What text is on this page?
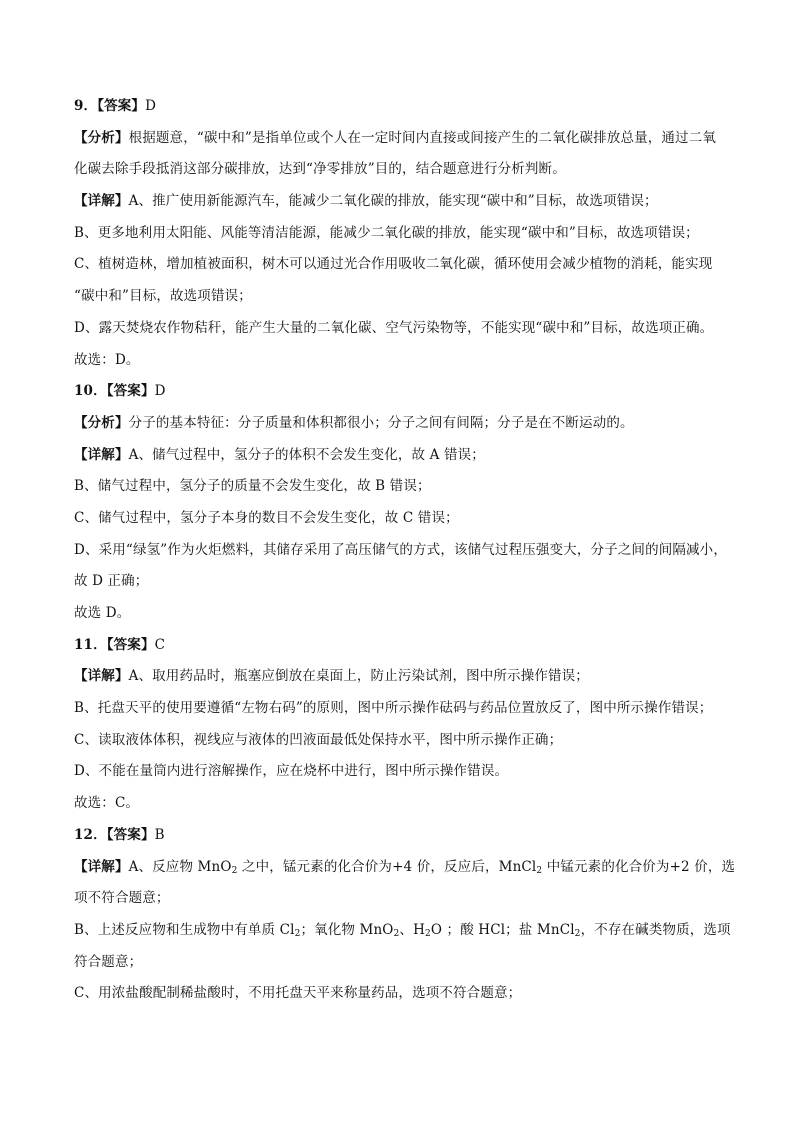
9．【答案】D
【分析】根据题意，“碳中和”是指单位或个人在一定时间内直接或间接产生的二氧化碳排放总量，通过二氧
化碳去除手段抵消这部分碳排放，达到“净零排放”目的，结合题意进行分析判断。
【详解】A、推广使用新能源汽车，能减少二氧化碳的排放，能实现“碳中和”目标，故选项错误；
B、更多地利用太阳能、风能等清洁能源，能减少二氧化碳的排放，能实现“碳中和”目标，故选项错误；
C、植树造林，增加植被面积，树木可以通过光合作用吸收二氧化碳，循环使用会减少植物的消耗，能实现
“碳中和”目标，故选项错误；
D、露天焚烧农作物秸秆，能产生大量的二氧化碳、空气污染物等，不能实现“碳中和”目标，故选项正确。
故选：D。
10．【答案】D
【分析】分子的基本特征：分子质量和体积都很小；分子之间有间隔；分子是在不断运动的。
【详解】A、储气过程中，氢分子的体积不会发生变化，故 A 错误；
B、储气过程中，氢分子的质量不会发生变化，故 B 错误；
C、储气过程中，氢分子本身的数目不会发生变化，故 C 错误；
D、采用“绿氢”作为火炬燃料，其储存采用了高压储气的方式，该储气过程压强变大，分子之间的间隔减小，
故 D 正确；
故选 D。
11．【答案】C
【详解】A、取用药品时，瓶塞应倒放在桌面上，防止污染试剂，图中所示操作错误；
B、托盘天平的使用要遵循“左物右码”的原则，图中所示操作砝码与药品位置放反了，图中所示操作错误；
C、读取液体体积，视线应与液体的凹液面最低处保持水平，图中所示操作正确；
D、不能在量筒内进行溶解操作，应在烧杯中进行，图中所示操作错误。
故选：C。
12．【答案】B
【详解】A、反应物 MnO$_2$ 之中，锰元素的化合价为+4 价，反应后，MnCl$_2$ 中锰元素的化合价为+2 价，选
项不符合题意；
B、上述反应物和生成物中有单质 $Cl_2$；氧化物 MnO$_2$、$H_2O$ ；酸 HCl；盐 MnCl$_2$，不存在碱类物质，选项
符合题意；
C、用浓盐酸配制稀盐酸时，不用托盘天平来称量药品，选项不符合题意；
